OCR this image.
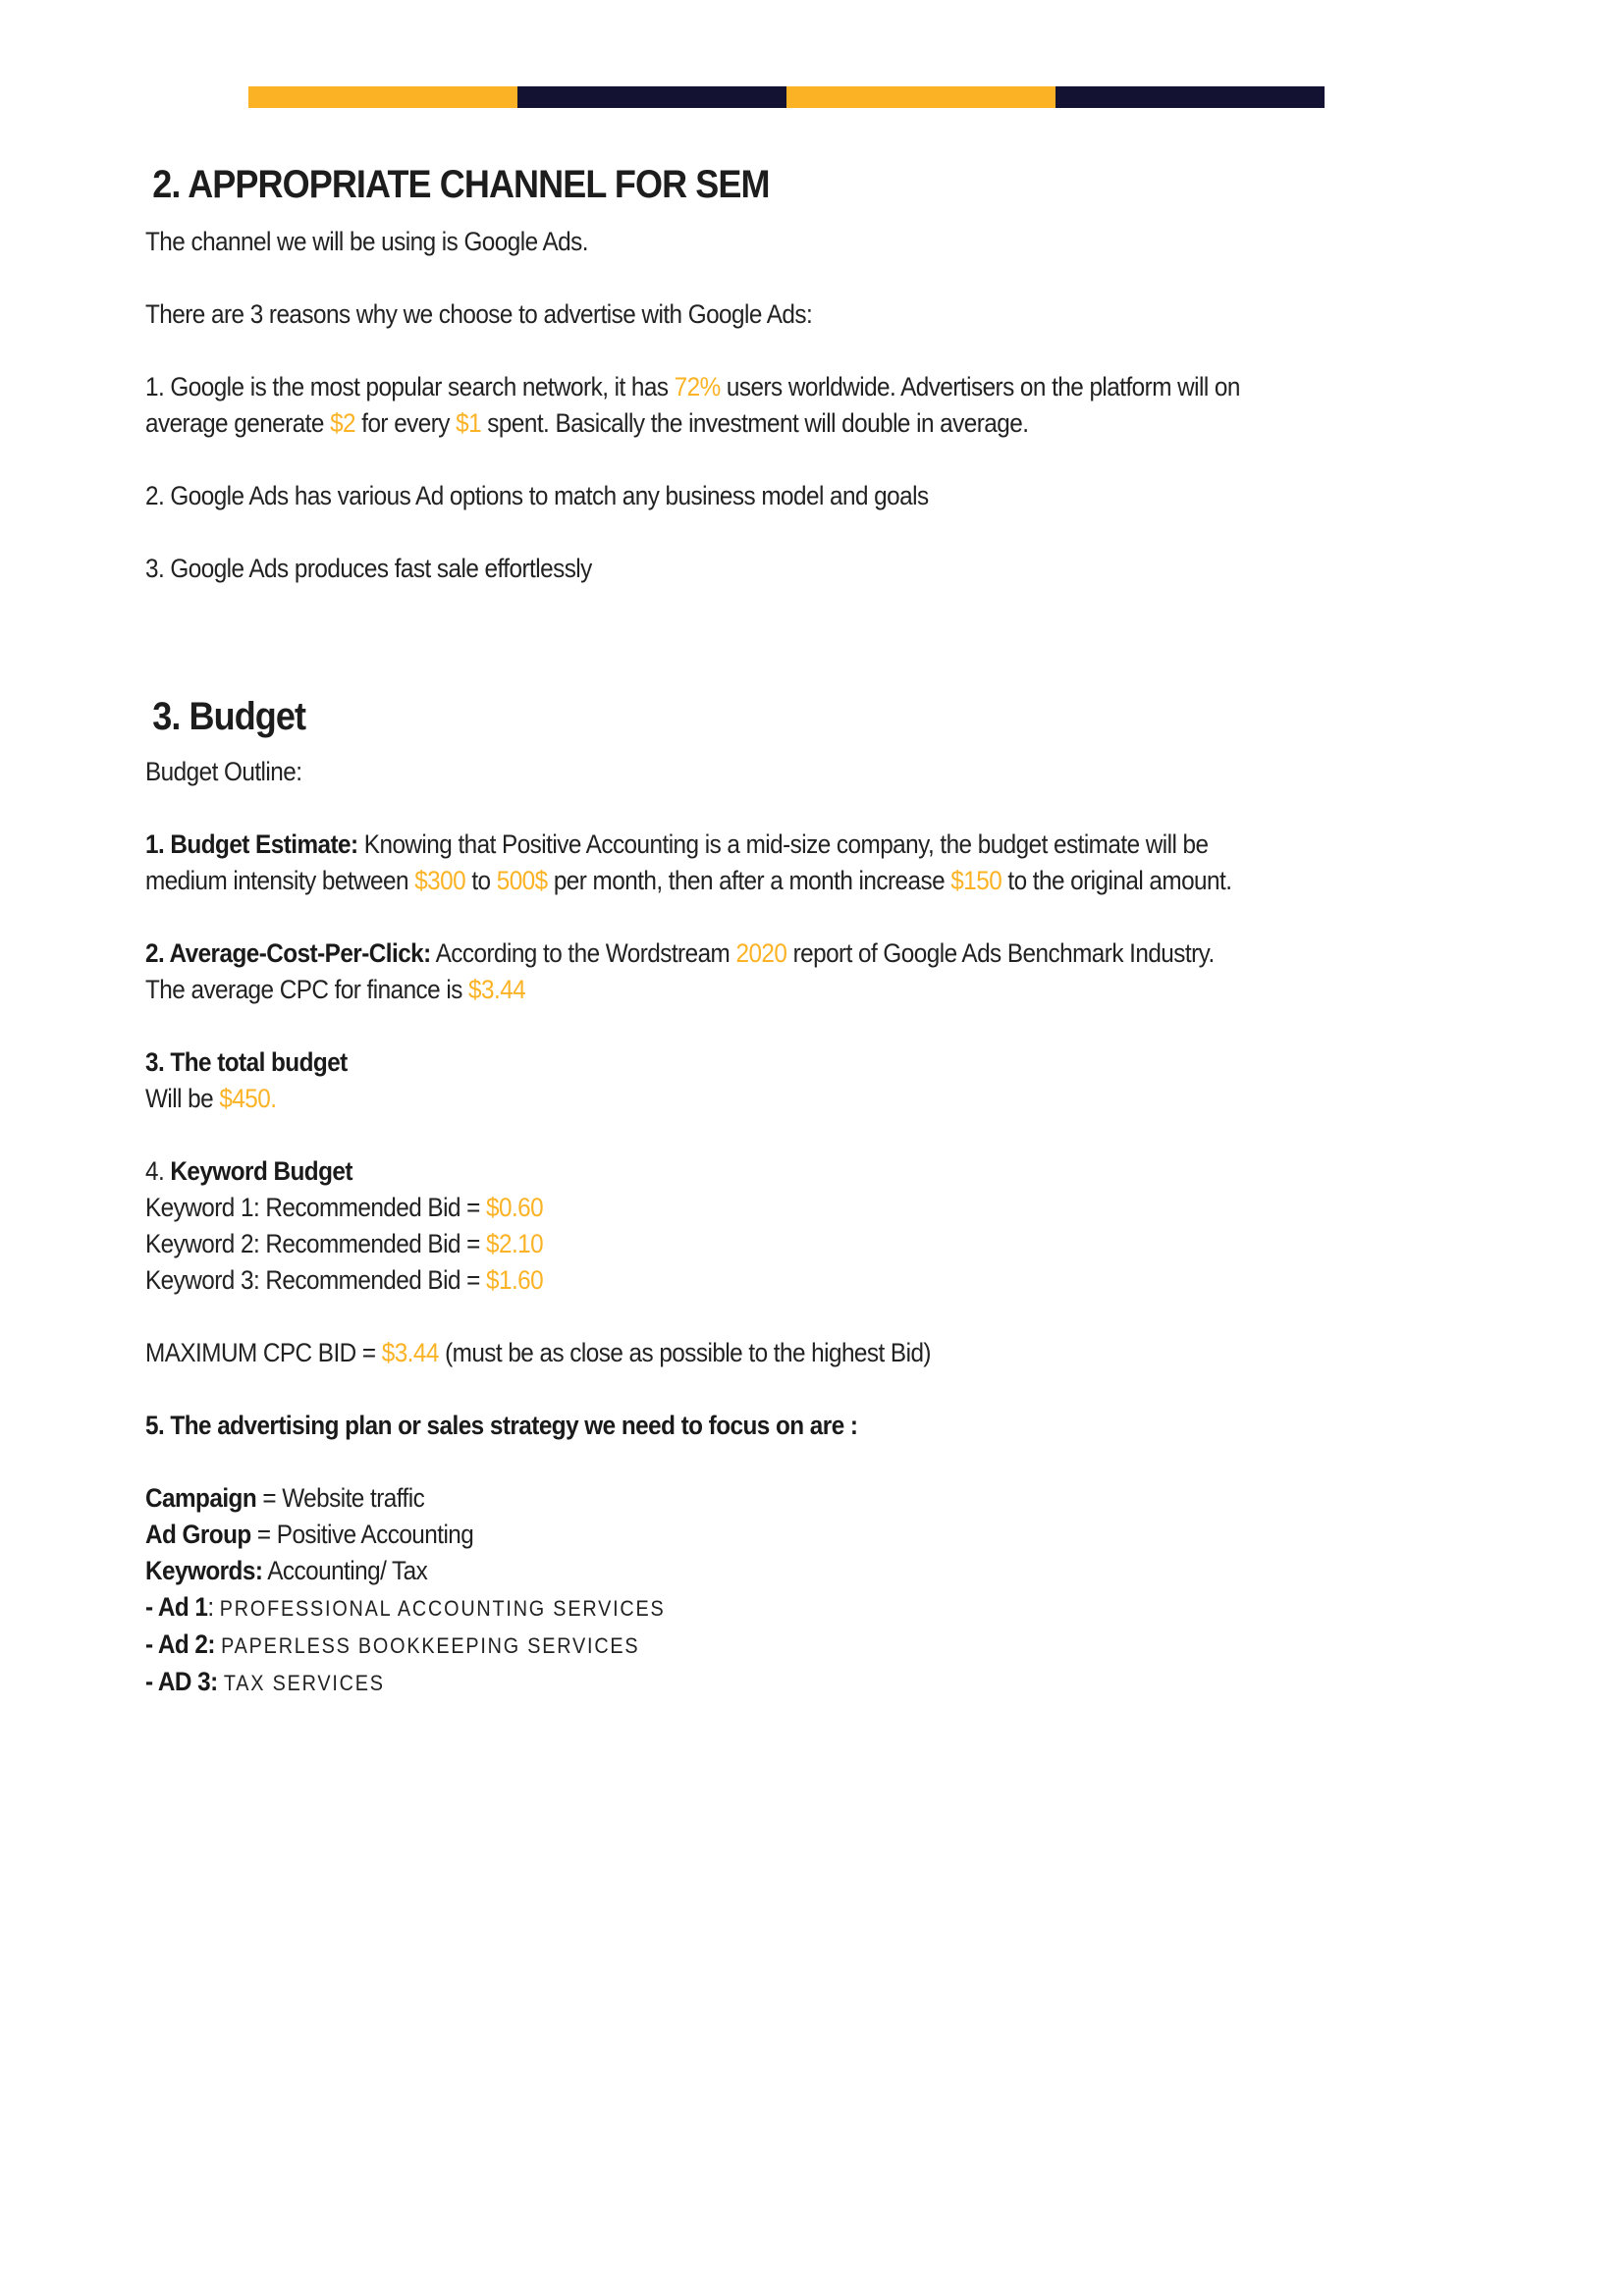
2. APPROPRIATE CHANNEL FOR SEM

The channel we will be using is Google Ads.

There are 3 reasons why we choose to advertise with Google Ads:

1. Google is the most popular search network, it has 72% users worldwide. Advertisers on the platform will on average generate $2 for every $1 spent. Basically the investment will double in average.

2. Google Ads has various Ad options to match any business model and goals

3. Google Ads produces fast sale effortlessly

3. Budget

Budget Outline:

1. Budget Estimate: Knowing that Positive Accounting is a mid-size company, the budget estimate will be medium intensity between $300 to 500$ per month, then after a month increase $150 to the original amount.

2. Average-Cost-Per-Click: According to the Wordstream 2020 report of Google Ads Benchmark Industry. The average CPC for finance is $3.44

3. The total budget

Will be $450.

4. Keyword Budget

Keyword 1: Recommended Bid = $0.60

Keyword 2: Recommended Bid = $2.10

Keyword 3: Recommended Bid = $1.60

MAXIMUM CPC BID = $3.44 (must be as close as possible to the highest Bid)

5. The advertising plan or sales strategy we need to focus on are :

Campaign = Website traffic

Ad Group = Positive Accounting

Keywords: Accounting/ Tax

- Ad 1: PROFESSIONAL ACCOUNTING SERVICES

- Ad 2: PAPERLESS BOOKKEEPING SERVICES

- AD 3: TAX SERVICES
